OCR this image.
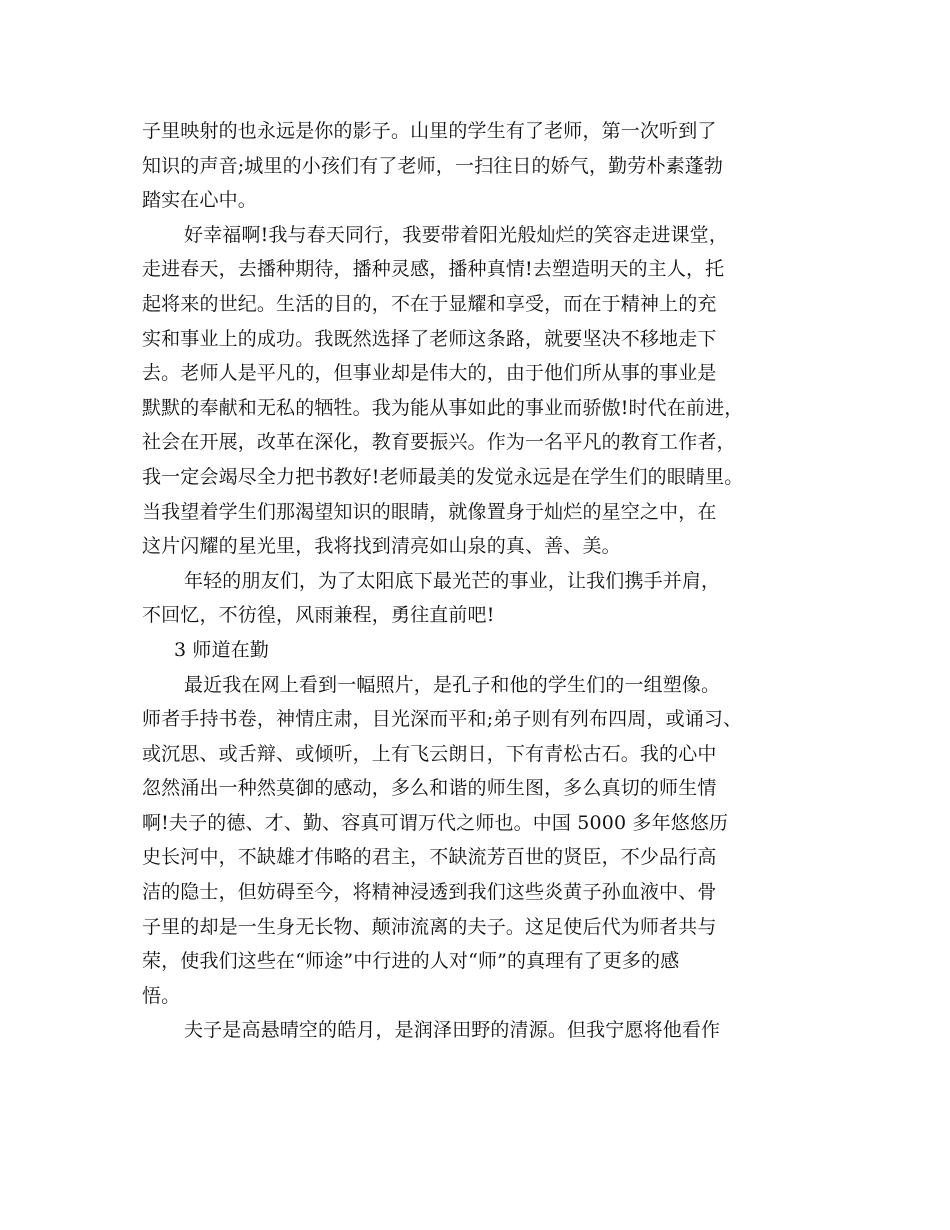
子里映射的也永远是你的影子。山里的学生有了老师，第一次听到了
知识的声音;城里的小孩们有了老师，一扫往日的娇气，勤劳朴素蓬勃
踏实在心中。
好幸福啊!我与春天同行，我要带着阳光般灿烂的笑容走进课堂，
走进春天，去播种期待，播种灵感，播种真情!去塑造明天的主人，托
起将来的世纪。生活的目的，不在于显耀和享受，而在于精神上的充
实和事业上的成功。我既然选择了老师这条路，就要坚决不移地走下
去。老师人是平凡的，但事业却是伟大的，由于他们所从事的事业是
默默的奉献和无私的牺牲。我为能从事如此的事业而骄傲!时代在前进，
社会在开展，改革在深化，教育要振兴。作为一名平凡的教育工作者，
我一定会竭尽全力把书教好!老师最美的发觉永远是在学生们的眼睛里。
当我望着学生们那渴望知识的眼睛，就像置身于灿烂的星空之中，在
这片闪耀的星光里，我将找到清亮如山泉的真、善、美。
年轻的朋友们，为了太阳底下最光芒的事业，让我们携手并肩，
不回忆，不彷徨，风雨兼程，勇往直前吧!
3 师道在勤
最近我在网上看到一幅照片，是孔子和他的学生们的一组塑像。
师者手持书卷，神情庄肃，目光深而平和;弟子则有列布四周，或诵习、
或沉思、或舌辩、或倾听，上有飞云朗日，下有青松古石。我的心中
忽然涌出一种然莫御的感动，多么和谐的师生图，多么真切的师生情
啊!夫子的德、才、勤、容真可谓万代之师也。中国 5000 多年悠悠历
史长河中，不缺雄才伟略的君主，不缺流芳百世的贤臣，不少品行高
洁的隐士，但妨碍至今，将精神浸透到我们这些炎黄子孙血液中、骨
子里的却是一生身无长物、颠沛流离的夫子。这足使后代为师者共与
荣，使我们这些在“师途”中行进的人对“师”的真理有了更多的感
悟。
夫子是高悬晴空的皓月，是润泽田野的清源。但我宁愿将他看作
